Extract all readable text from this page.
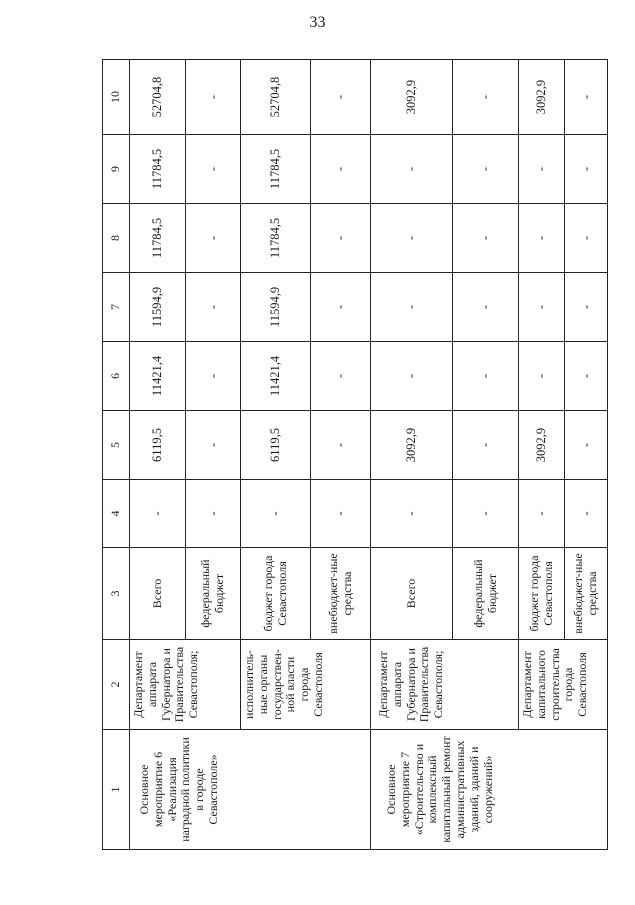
33
1	2	3	4	5	6	7	8	9	10
Основное мероприятие 6 «Реализация наградной политики в городе Севастополе»	Департамент аппарата Губернатора и Правительства Севастополя;	Всего	-	6119,5	11421,4	11594,9	11784,5	11784,5	52704,8
		федеральный бюджет	-	-	-	-	-	-	-
	исполнитель-ные органы государствен-ной власти города Севастополя	бюджет города Севастополя	-	6119,5	11421,4	11594,9	11784,5	11784,5	52704,8
		внебюджет-ные средства	-	-	-	-	-	-	-
Основное мероприятие 7 «Строительство и комплексный капитальный ремонт административных зданий, зданий и сооружений»	Департамент аппарата Губернатора и Правительства Севастополя;	Всего	-	3092,9	-	-	-	-	3092,9
		федеральный бюджет	-	-	-	-	-	-	-
	Департамент капитального строительства города Севастополя	бюджет города Севастополя	-	3092,9	-	-	-	-	3092,9
		внебюджет-ные средства	-	-	-	-	-	-	-
